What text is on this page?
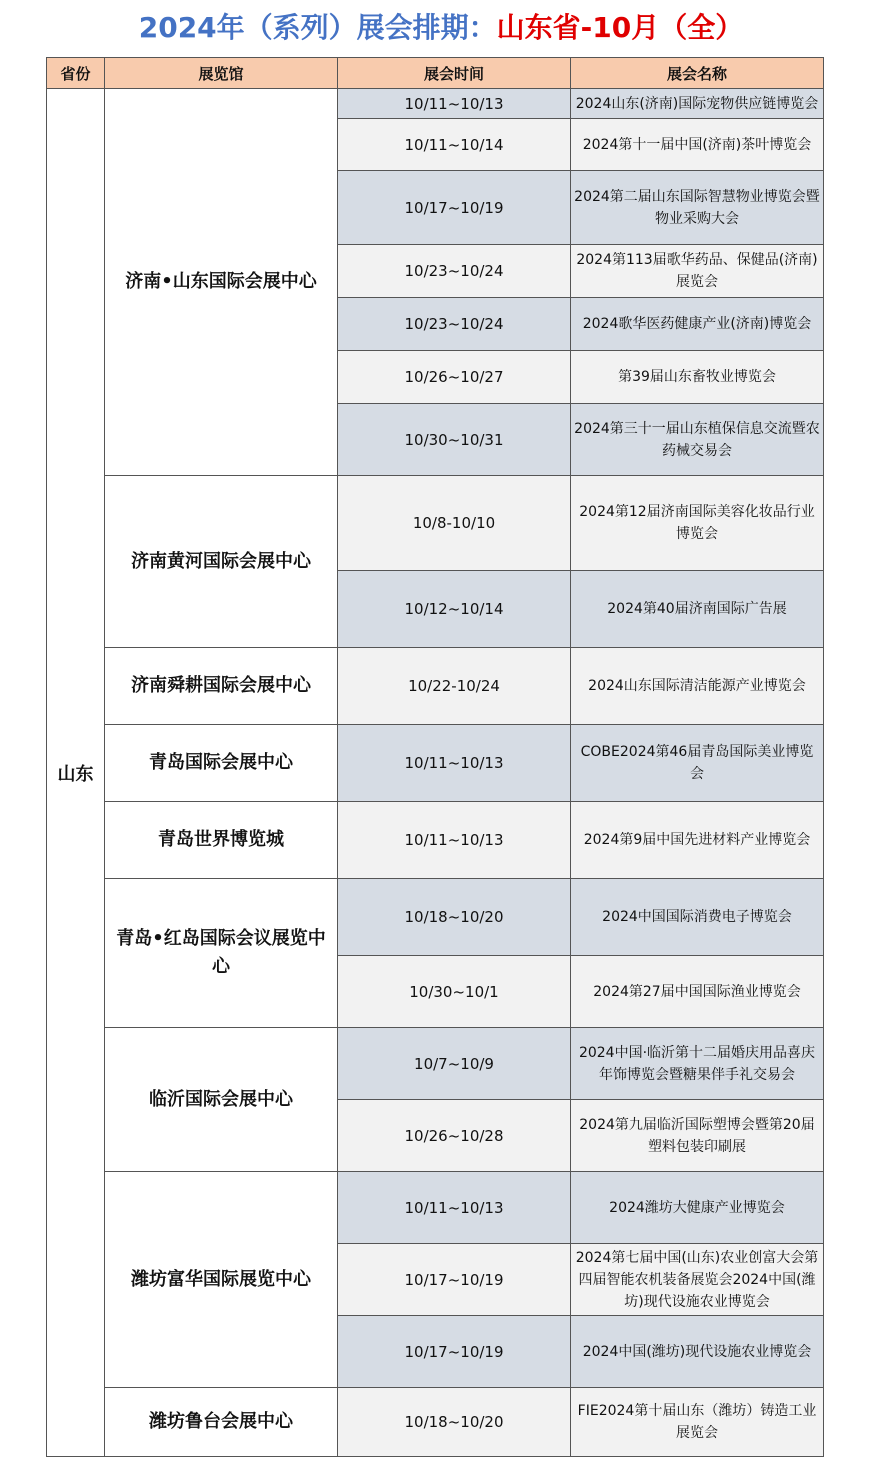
2024年（系列）展会排期：山东省-10月（全）
省份	展览馆	展会时间	展会名称
山东	济南•山东国际会展中心	10/11~10/13	2024山东(济南)国际宠物供应链博览会
		10/11~10/14	2024第十一届中国(济南)茶叶博览会
		10/17~10/19	2024第二届山东国际智慧物业博览会暨物业采购大会
		10/23~10/24	2024第113届歌华药品、保健品(济南)展览会
		10/23~10/24	2024歌华医药健康产业(济南)博览会
		10/26~10/27	第39届山东畜牧业博览会
		10/30~10/31	2024第三十一届山东植保信息交流暨农药械交易会
	济南黄河国际会展中心	10/8-10/10	2024第12届济南国际美容化妆品行业博览会
		10/12~10/14	2024第40届济南国际广告展
	济南舜耕国际会展中心	10/22-10/24	2024山东国际清洁能源产业博览会
	青岛国际会展中心	10/11~10/13	COBE2024第46届青岛国际美业博览会
	青岛世界博览城	10/11~10/13	2024第9届中国先进材料产业博览会
	青岛•红岛国际会议展览中心	10/18~10/20	2024中国国际消费电子博览会
		10/30~10/1	2024第27届中国国际渔业博览会
	临沂国际会展中心	10/7~10/9	2024中国·临沂第十二届婚庆用品喜庆年饰博览会暨糖果伴手礼交易会
		10/26~10/28	2024第九届临沂国际塑博会暨第20届塑料包装印刷展
	潍坊富华国际展览中心	10/11~10/13	2024潍坊大健康产业博览会
		10/17~10/19	2024第七届中国(山东)农业创富大会第四届智能农机装备展览会2024中国(潍坊)现代设施农业博览会
		10/17~10/19	2024中国(潍坊)现代设施农业博览会
	潍坊鲁台会展中心	10/18~10/20	FIE2024第十届山东（潍坊）铸造工业展览会
